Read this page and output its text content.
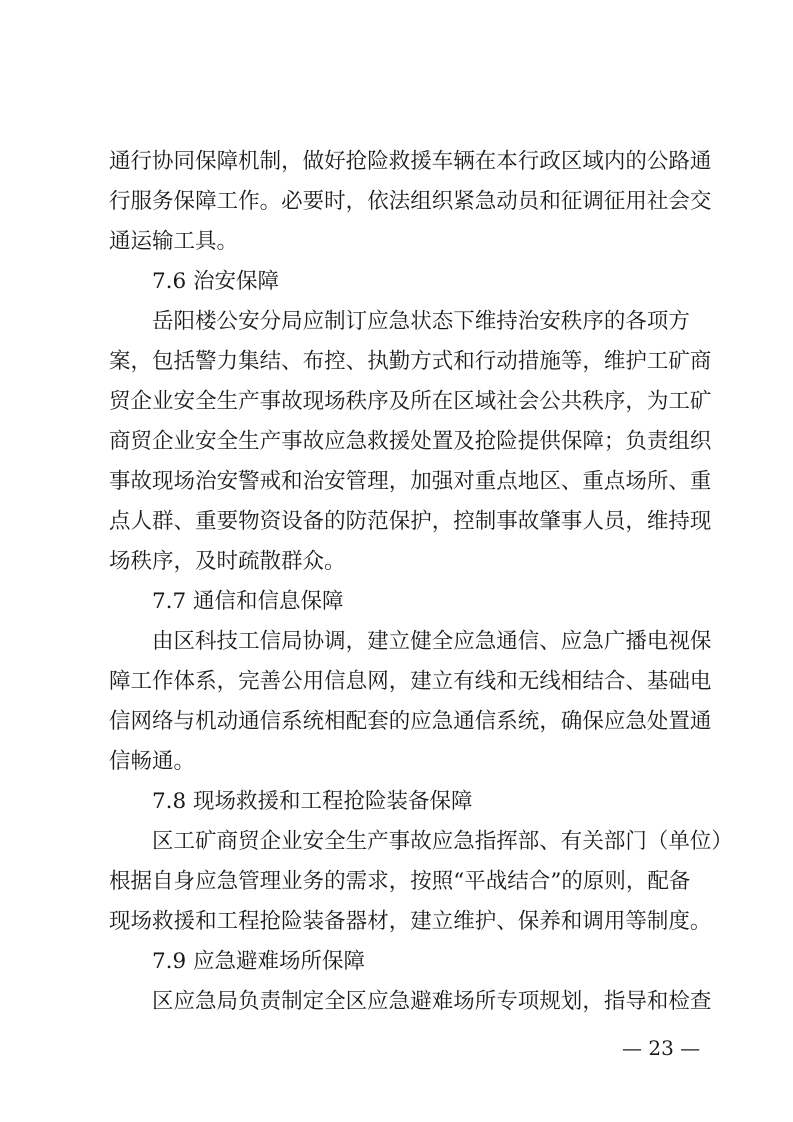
通 行 协 同 保 障 机 制 ， 做 好 抢 险 救 援 车 辆 在 本 行 政 区 域 内 的 公 路 通
行 服 务 保 障 工 作 。 必 要 时 ， 依 法 组 织 紧 急 动 员 和 征 调 征 用 社 会 交
通运输工具。
7.6 治安保障
岳 阳 楼 公 安 分 局 应 制 订 应 急 状 态 下 维 持 治 安 秩 序 的 各 项 方
案 ， 包 括 警 力 集 结 、 布 控 、 执 勤 方 式 和 行 动 措 施 等 ， 维 护 工 矿 商
贸 企 业 安 全 生 产 事 故 现 场 秩 序 及 所 在 区 域 社 会 公 共 秩 序 ， 为 工 矿
商 贸 企 业 安 全 生 产 事 故 应 急 救 援 处 置 及 抢 险 提 供 保 障 ； 负 责 组 织
事 故 现 场 治 安 警 戒 和 治 安 管 理 ， 加 强 对 重 点 地 区 、 重 点 场 所 、 重
点 人 群 、 重 要 物 资 设 备 的 防 范 保 护 ， 控 制 事 故 肇 事 人 员 ， 维 持 现
场秩序，及时疏散群众。
7.7 通信和信息保障
由 区 科 技 工 信 局 协 调 ， 建 立 健 全 应 急 通 信 、 应 急 广 播 电 视 保
障 工 作 体 系 ， 完 善 公 用 信 息 网 ， 建 立 有 线 和 无 线 相 结 合 、 基 础 电
信 网 络 与 机 动 通 信 系 统 相 配 套 的 应 急 通 信 系 统 ， 确 保 应 急 处 置 通
信畅通。
7.8 现场救援和工程抢险装备保障
区 工 矿 商 贸 企 业 安 全 生 产 事 故 应 急 指 挥 部 、 有 关 部 门 （ 单 位 ）
根 据 自 身 应 急 管 理 业 务 的 需 求 ， 按 照 “ 平 战 结 合 ” 的 原 则 ， 配 备
现 场 救 援 和 工 程 抢 险 装 备 器 材 ， 建 立 维 护 、 保 养 和 调 用 等 制 度 。
7.9 应急避难场所保障
区 应 急 局 负 责 制 定 全 区 应 急 避 难 场 所 专 项 规 划 ， 指 导 和 检 查
— 23 —
